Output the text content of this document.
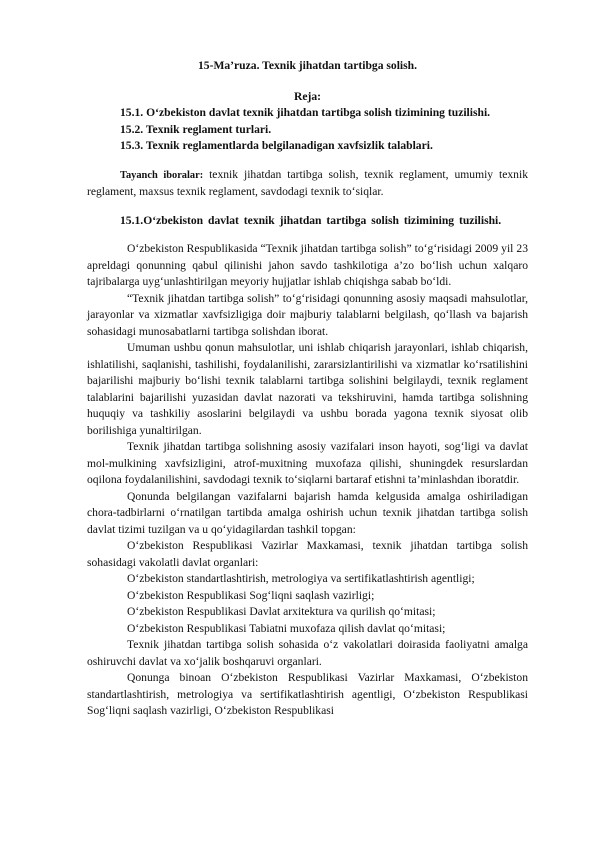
15-Ma’ruza. Texnik jihatdan tartibga solish.

Reja:

15.1. O‘zbekiston davlat texnik jihatdan tartibga solish tizimining tuzilishi.

15.2. Texnik reglament turlari.

15.3. Texnik reglamentlarda belgilanadigan xavfsizlik talablari.

Tayanch iboralar: texnik jihatdan tartibga solish, texnik reglament, umumiy texnik reglament, maxsus texnik reglament, savdodagi texnik to‘siqlar.

15.1.O‘zbekiston davlat texnik jihatdan tartibga solish tizimining tuzilishi.

O‘zbekiston Respublikasida “Texnik jihatdan tartibga solish” to‘g‘risidagi 2009 yil 23 apreldagi qonunning qabul qilinishi jahon savdo tashkilotiga a’zo bo‘lish uchun xalqaro tajribalarga uyg‘unlashtirilgan meyoriy hujjatlar ishlab chiqishga sabab bo‘ldi.

“Texnik jihatdan tartibga solish” to‘g‘risidagi qonunning asosiy maqsadi mahsulotlar, jarayonlar va xizmatlar xavfsizligiga doir majburiy talablarni belgilash, qo‘llash va bajarish sohasidagi munosabatlarni tartibga solishdan iborat.

Umuman ushbu qonun mahsulotlar, uni ishlab chiqarish jarayonlari, ishlab chiqarish, ishlatilishi, saqlanishi, tashilishi, foydalanilishi, zararsizlantirilishi va xizmatlar ko‘rsatilishini bajarilishi majburiy bo‘lishi texnik talablarni tartibga solishini belgilaydi, texnik reglament talablarini bajarilishi yuzasidan davlat nazorati va tekshiruvini, hamda tartibga solishning huquqiy va tashkiliy asoslarini belgilaydi va ushbu borada yagona texnik siyosat olib borilishiga yunaltirilgan.

Texnik jihatdan tartibga solishning asosiy vazifalari inson hayoti, sog‘ligi va davlat mol-mulkining xavfsizligini, atrof-muxitning muxofaza qilishi, shuningdek resurslardan oqilona foydalanilishini, savdodagi texnik to‘siqlarni bartaraf etishni ta’minlashdan iboratdir.

Qonunda belgilangan vazifalarni bajarish hamda kelgusida amalga oshiriladigan chora-tadbirlarni o‘rnatilgan tartibda amalga oshirish uchun texnik jihatdan tartibga solish davlat tizimi tuzilgan va u qo‘yidagilardan tashkil topgan:

O‘zbekiston Respublikasi Vazirlar Maxkamasi, texnik jihatdan tartibga solish sohasidagi vakolatli davlat organlari:

O‘zbekiston standartlashtirish, metrologiya va sertifikatlashtirish agentligi;

O‘zbekiston Respublikasi Sog‘liqni saqlash vazirligi;

O‘zbekiston Respublikasi Davlat arxitektura va qurilish qo‘mitasi;

O‘zbekiston Respublikasi Tabiatni muxofaza qilish davlat qo‘mitasi;

Texnik jihatdan tartibga solish sohasida o‘z vakolatlari doirasida faoliyatni amalga oshiruvchi davlat va xo‘jalik boshqaruvi organlari.

Qonunga binoan O‘zbekiston Respublikasi Vazirlar Maxkamasi, O‘zbekiston standartlashtirish, metrologiya va sertifikatlashtirish agentligi, O‘zbekiston Respublikasi Sog‘liqni saqlash vazirligi, O‘zbekiston Respublikasi
